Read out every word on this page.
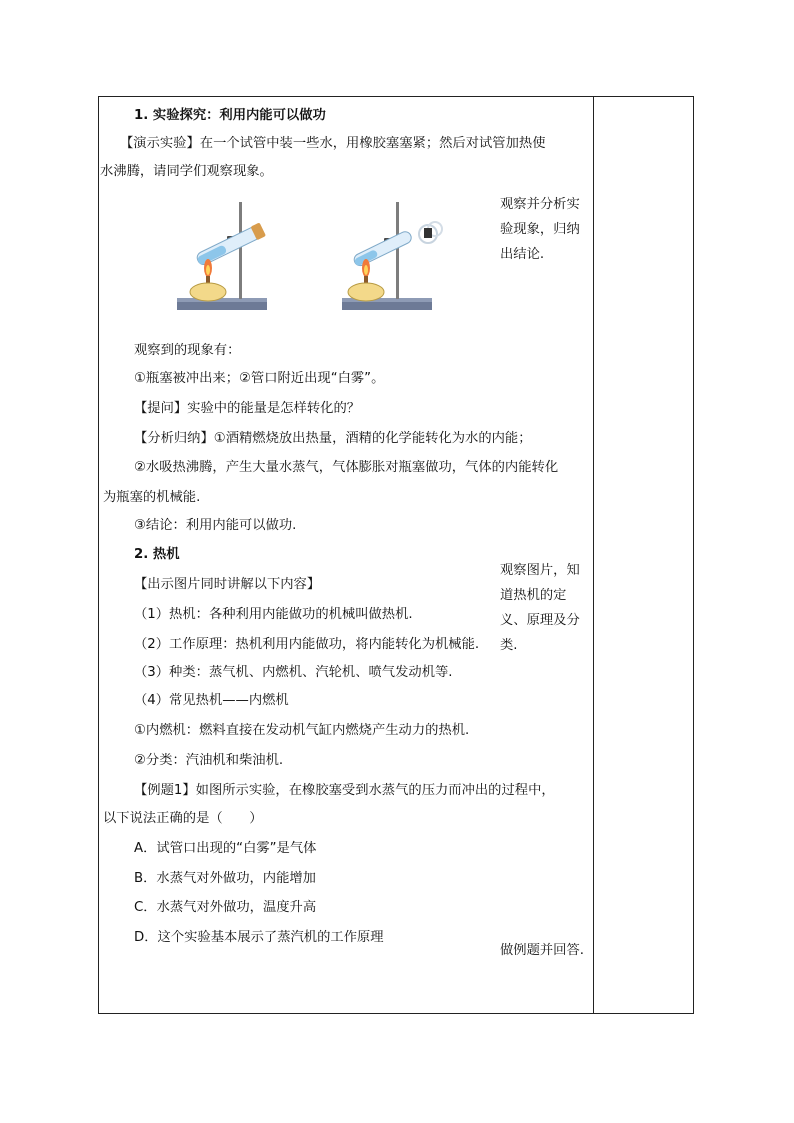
1. 实验探究：利用内能可以做功
【演示实验】在一个试管中装一些水，用橡胶塞塞紧；然后对试管加热使
水沸腾，请同学们观察现象。
观察到的现象有：
①瓶塞被冲出来；②管口附近出现“白雾”。
【提问】实验中的能量是怎样转化的？
【分析归纳】①酒精燃烧放出热量，酒精的化学能转化为水的内能；
②水吸热沸腾，产生大量水蒸气，气体膨胀对瓶塞做功，气体的内能转化
为瓶塞的机械能.
③结论：利用内能可以做功.
2. 热机
【出示图片同时讲解以下内容】
（1）热机：各种利用内能做功的机械叫做热机.
（2）工作原理：热机利用内能做功，将内能转化为机械能.
（3）种类：蒸气机、内燃机、汽轮机、喷气发动机等.
（4）常见热机——内燃机
①内燃机：燃料直接在发动机气缸内燃烧产生动力的热机.
②分类：汽油机和柴油机.
【例题1】如图所示实验，在橡胶塞受到水蒸气的压力而冲出的过程中，
以下说法正确的是（　　）
A．试管口出现的“白雾”是气体
B．水蒸气对外做功，内能增加
C．水蒸气对外做功，温度升高
D．这个实验基本展示了蒸汽机的工作原理
观察并分析实验现象，归纳出结论.
观察图片，知道热机的定义、原理及分类.
做例题并回答.
